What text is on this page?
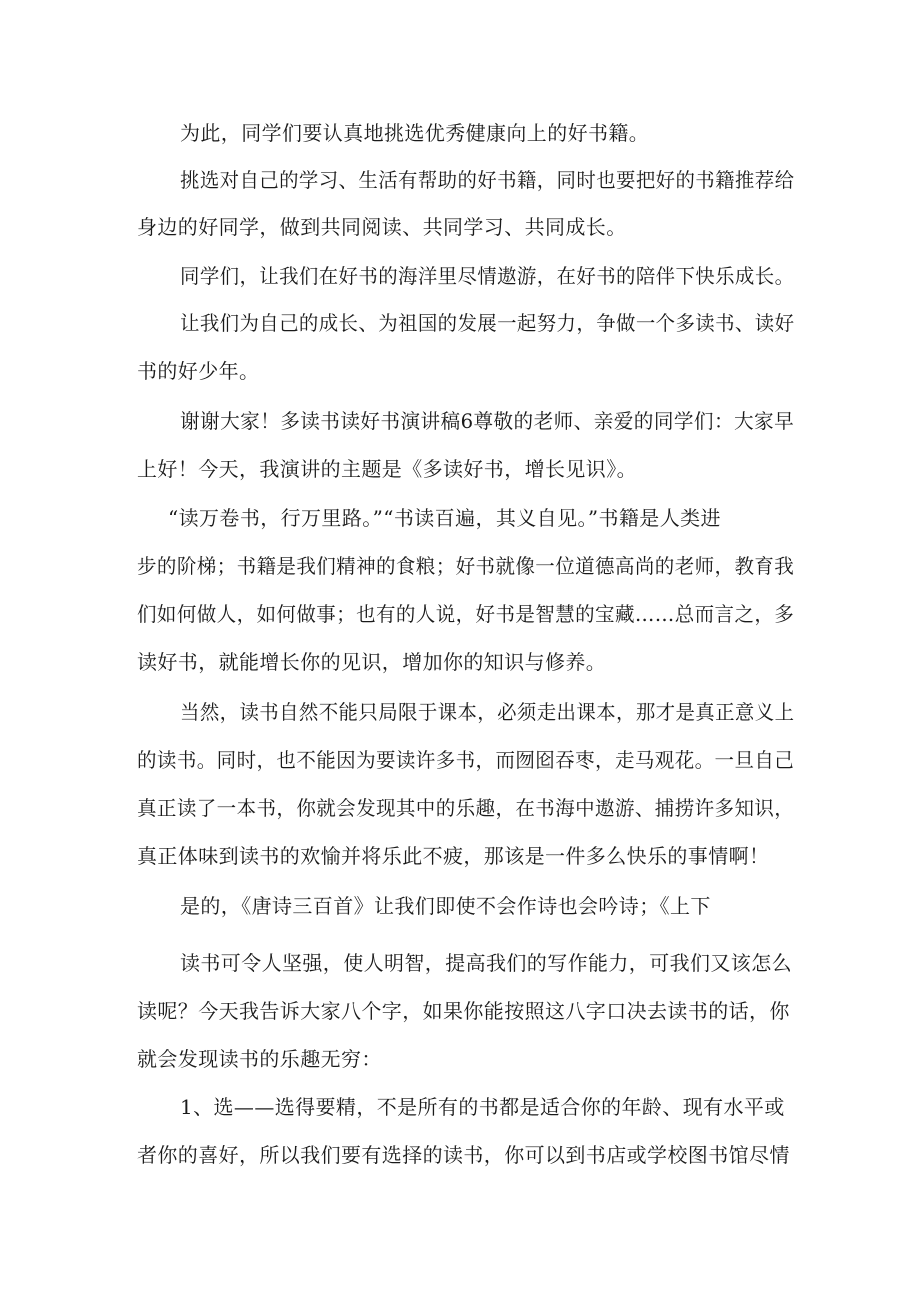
为此，同学们要认真地挑选优秀健康向上的好书籍。
挑选对自己的学习、生活有帮助的好书籍，同时也要把好的书籍推荐给
身边的好同学，做到共同阅读、共同学习、共同成长。
同学们，让我们在好书的海洋里尽情遨游，在好书的陪伴下快乐成长。
让我们为自己的成长、为祖国的发展一起努力，争做一个多读书、读好
书的好少年。
谢谢大家！多读书读好书演讲稿6尊敬的老师、亲爱的同学们：大家早
上好！今天，我演讲的主题是《多读好书，增长见识》。
“读万卷书，行万里路。”“书读百遍，其义自见。”书籍是人类进
步的阶梯；书籍是我们精神的食粮；好书就像一位道德高尚的老师，教育我
们如何做人，如何做事；也有的人说，好书是智慧的宝藏……总而言之，多
读好书，就能增长你的见识，增加你的知识与修养。
当然，读书自然不能只局限于课本，必须走出课本，那才是真正意义上
的读书。同时，也不能因为要读许多书，而囫囵吞枣，走马观花。一旦自己
真正读了一本书，你就会发现其中的乐趣，在书海中遨游、捕捞许多知识，
真正体味到读书的欢愉并将乐此不疲，那该是一件多么快乐的事情啊！
是的，《唐诗三百首》让我们即使不会作诗也会吟诗；《上下
读书可令人坚强，使人明智，提高我们的写作能力，可我们又该怎么
读呢？今天我告诉大家八个字，如果你能按照这八字口决去读书的话，你
就会发现读书的乐趣无穷：
1、选——选得要精，不是所有的书都是适合你的年龄、现有水平或
者你的喜好，所以我们要有选择的读书，你可以到书店或学校图书馆尽情
